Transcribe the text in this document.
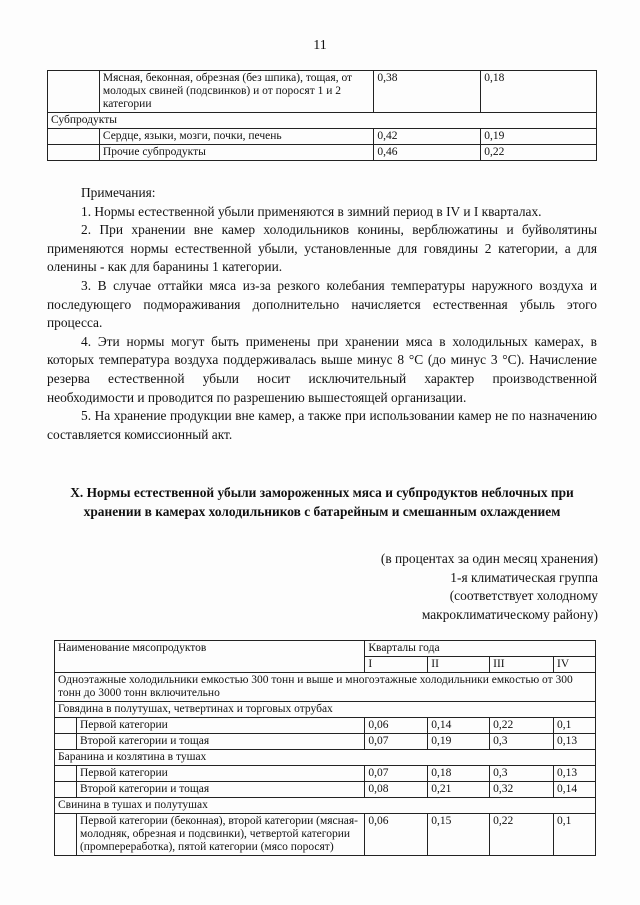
11
	Мясная, беконная, обрезная (без шпика), тощая, от молодых свиней (подсвинков) и от поросят 1 и 2 категории	0,38	0,18
Субпродукты			
	Сердце, языки, мозги, почки, печень	0,42	0,19
	Прочие субпродукты	0,46	0,22

Примечания:

1. Нормы естественной убыли применяются в зимний период в IV и I кварталах.

2. При хранении вне камер холодильников конины, верблюжатины и буйволятины применяются нормы естественной убыли, установленные для говядины 2 категории, а для оленины - как для баранины 1 категории.

3. В случае оттайки мяса из-за резкого колебания температуры наружного воздуха и последующего подмораживания дополнительно начисляется естественная убыль этого процесса.

4. Эти нормы могут быть применены при хранении мяса в холодильных камерах, в которых температура воздуха поддерживалась выше минус 8 °С (до минус 3 °С). Начисление резерва естественной убыли носит исключительный характер производственной необходимости и проводится по разрешению вышестоящей организации.

5. На хранение продукции вне камер, а также при использовании камер не по назначению составляется комиссионный акт.

X. Нормы естественной убыли замороженных мяса и субпродуктов неблочных при хранении в камерах холодильников с батарейным и смешанным охлаждением
(в процентах за один месяц хранения)
1-я климатическая группа
(соответствует холодному
макроклиматическому району)
Наименование мясопродуктов		Кварталы года			
		I	II	III	IV
Одноэтажные холодильники емкостью 300 тонн и выше и многоэтажные холодильники емкостью от 300 тонн до 3000 тонн включительно					
Говядина в полутушах, четвертинах и торговых отрубах					
	Первой категории	0,06	0,14	0,22	0,1
	Второй категории и тощая	0,07	0,19	0,3	0,13
Баранина и козлятина в тушах					
	Первой категории	0,07	0,18	0,3	0,13
	Второй категории и тощая	0,08	0,21	0,32	0,14
Свинина в тушах и полутушах					
	Первой категории (беконная), второй категории (мясная-молодняк, обрезная и подсвинки), четвертой категории (промпереработка), пятой категории (мясо поросят)	0,06	0,15	0,22	0,1
